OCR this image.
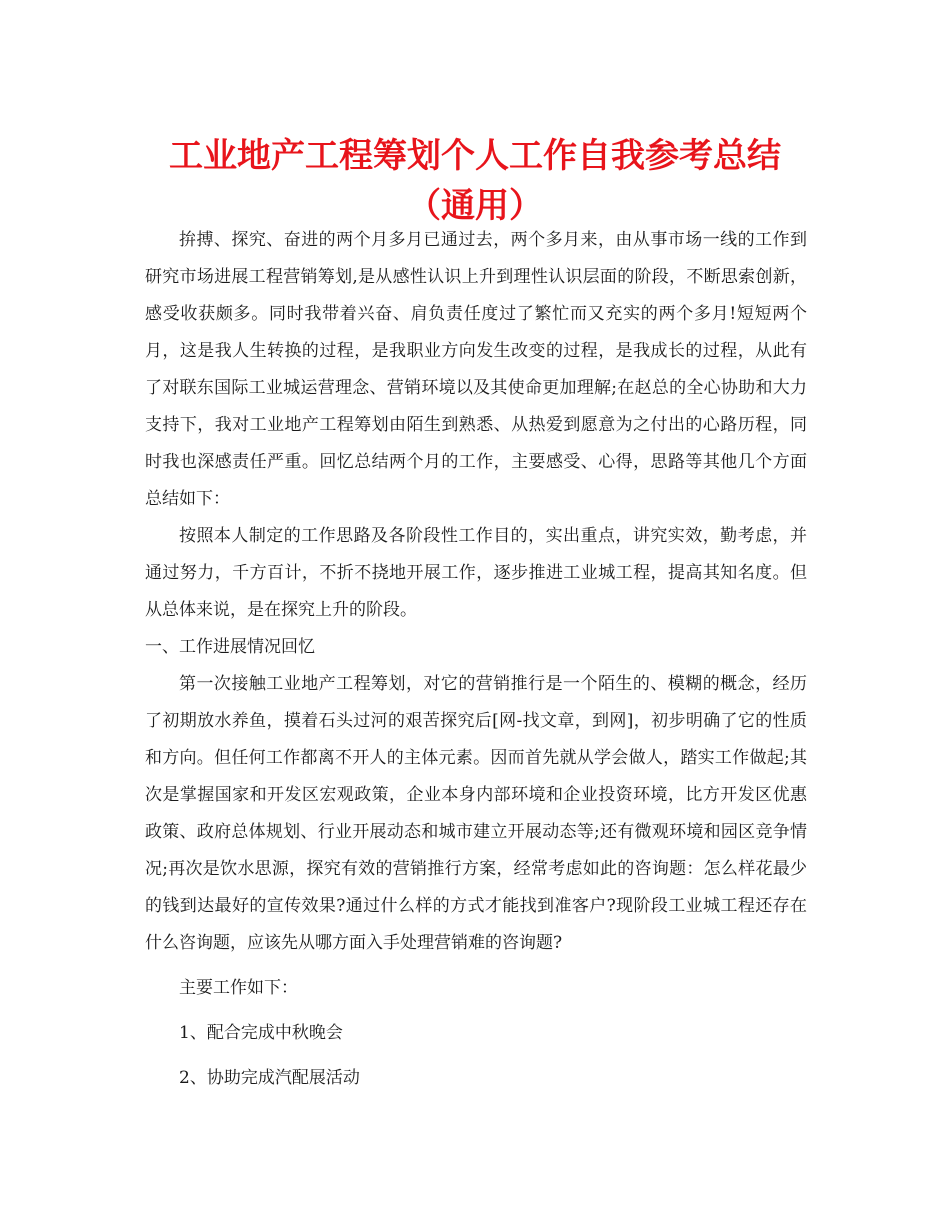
工业地产工程筹划个人工作自我参考总结（通用）

拚搏、探究、奋进的两个月多月已通过去，两个多月来，由从事市场一线的工作到研究市场进展工程营销筹划,是从感性认识上升到理性认识层面的阶段，不断思索创新，感受收获颇多。同时我带着兴奋、肩负责任度过了繁忙而又充实的两个多月!短短两个月，这是我人生转换的过程，是我职业方向发生改变的过程，是我成长的过程，从此有了对联东国际工业城运营理念、营销环境以及其使命更加理解;在赵总的全心协助和大力支持下，我对工业地产工程筹划由陌生到熟悉、从热爱到愿意为之付出的心路历程，同时我也深感责任严重。回忆总结两个月的工作，主要感受、心得，思路等其他几个方面总结如下：

按照本人制定的工作思路及各阶段性工作目的，实出重点，讲究实效，勤考虑，并通过努力，千方百计，不折不挠地开展工作，逐步推进工业城工程，提高其知名度。但从总体来说，是在探究上升的阶段。

一、工作进展情况回忆

第一次接触工业地产工程筹划，对它的营销推行是一个陌生的、模糊的概念，经历了初期放水养鱼，摸着石头过河的艰苦探究后[网-找文章，到网]，初步明确了它的性质和方向。但任何工作都离不开人的主体元素。因而首先就从学会做人，踏实工作做起;其次是掌握国家和开发区宏观政策，企业本身内部环境和企业投资环境，比方开发区优惠政策、政府总体规划、行业开展动态和城市建立开展动态等;还有微观环境和园区竞争情况;再次是饮水思源，探究有效的营销推行方案，经常考虑如此的咨询题：怎么样花最少的钱到达最好的宣传效果?通过什么样的方式才能找到准客户?现阶段工业城工程还存在什么咨询题，应该先从哪方面入手处理营销难的咨询题?

主要工作如下：

1、配合完成中秋晚会

2、协助完成汽配展活动
